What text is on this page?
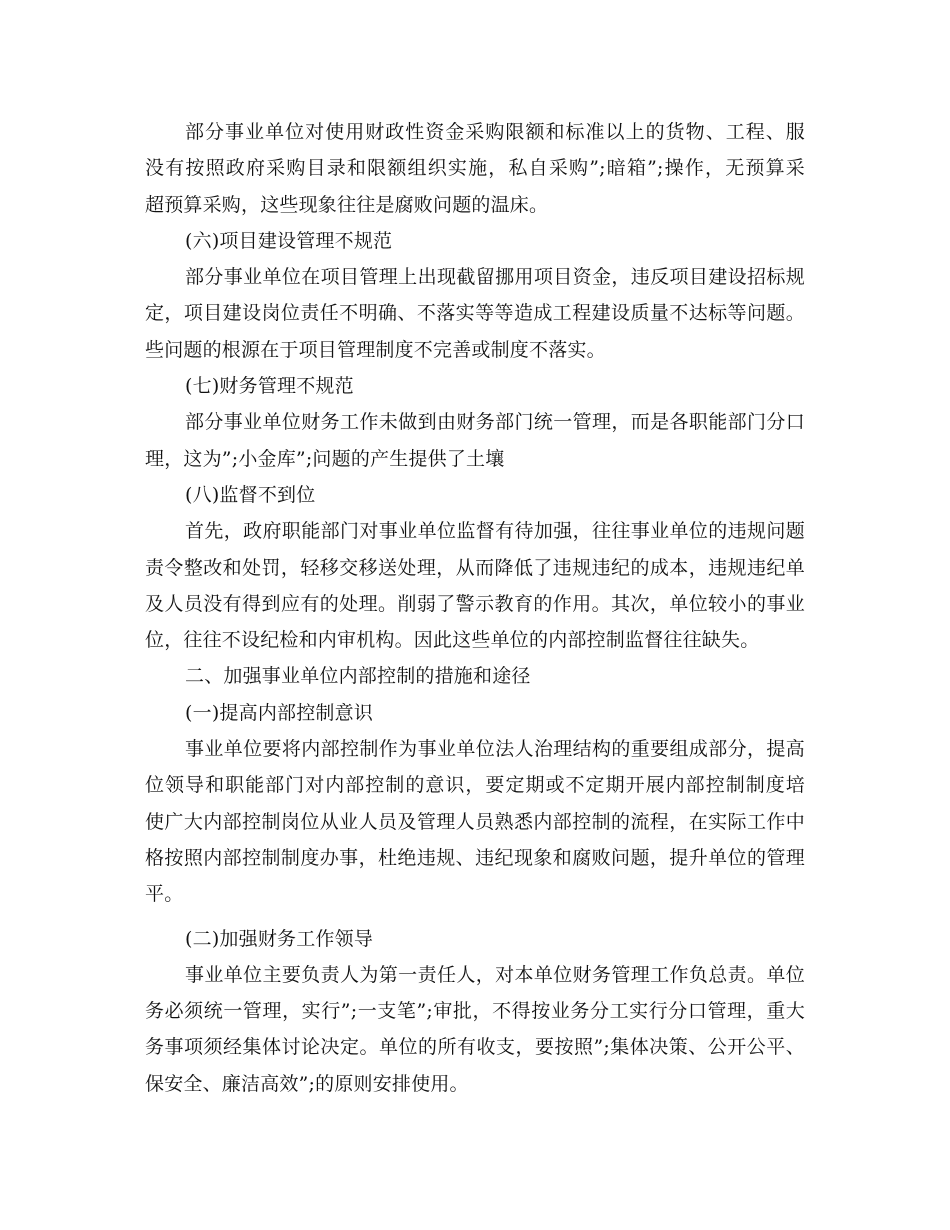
部分事业单位对使用财政性资金采购限额和标准以上的货物、工程、服
没有按照政府采购目录和限额组织实施，私自采购”;暗箱”;操作，无预算采
超预算采购，这些现象往往是腐败问题的温床。
(六)项目建设管理不规范
部分事业单位在项目管理上出现截留挪用项目资金，违反项目建设招标规
定，项目建设岗位责任不明确、不落实等等造成工程建设质量不达标等问题。
些问题的根源在于项目管理制度不完善或制度不落实。
(七)财务管理不规范
部分事业单位财务工作未做到由财务部门统一管理，而是各职能部门分口
理，这为”;小金库”;问题的产生提供了土壤
(八)监督不到位
首先，政府职能部门对事业单位监督有待加强，往往事业单位的违规问题
责令整改和处罚，轻移交移送处理，从而降低了违规违纪的成本，违规违纪单
及人员没有得到应有的处理。削弱了警示教育的作用。其次，单位较小的事业
位，往往不设纪检和内审机构。因此这些单位的内部控制监督往往缺失。
二、加强事业单位内部控制的措施和途径
(一)提高内部控制意识
事业单位要将内部控制作为事业单位法人治理结构的重要组成部分，提高
位领导和职能部门对内部控制的意识，要定期或不定期开展内部控制制度培
使广大内部控制岗位从业人员及管理人员熟悉内部控制的流程，在实际工作中
格按照内部控制制度办事，杜绝违规、违纪现象和腐败问题，提升单位的管理
平。
(二)加强财务工作领导
事业单位主要负责人为第一责任人，对本单位财务管理工作负总责。单位
务必须统一管理，实行”;一支笔”;审批，不得按业务分工实行分口管理，重大
务事项须经集体讨论决定。单位的所有收支，要按照”;集体决策、公开公平、
保安全、廉洁高效”;的原则安排使用。
